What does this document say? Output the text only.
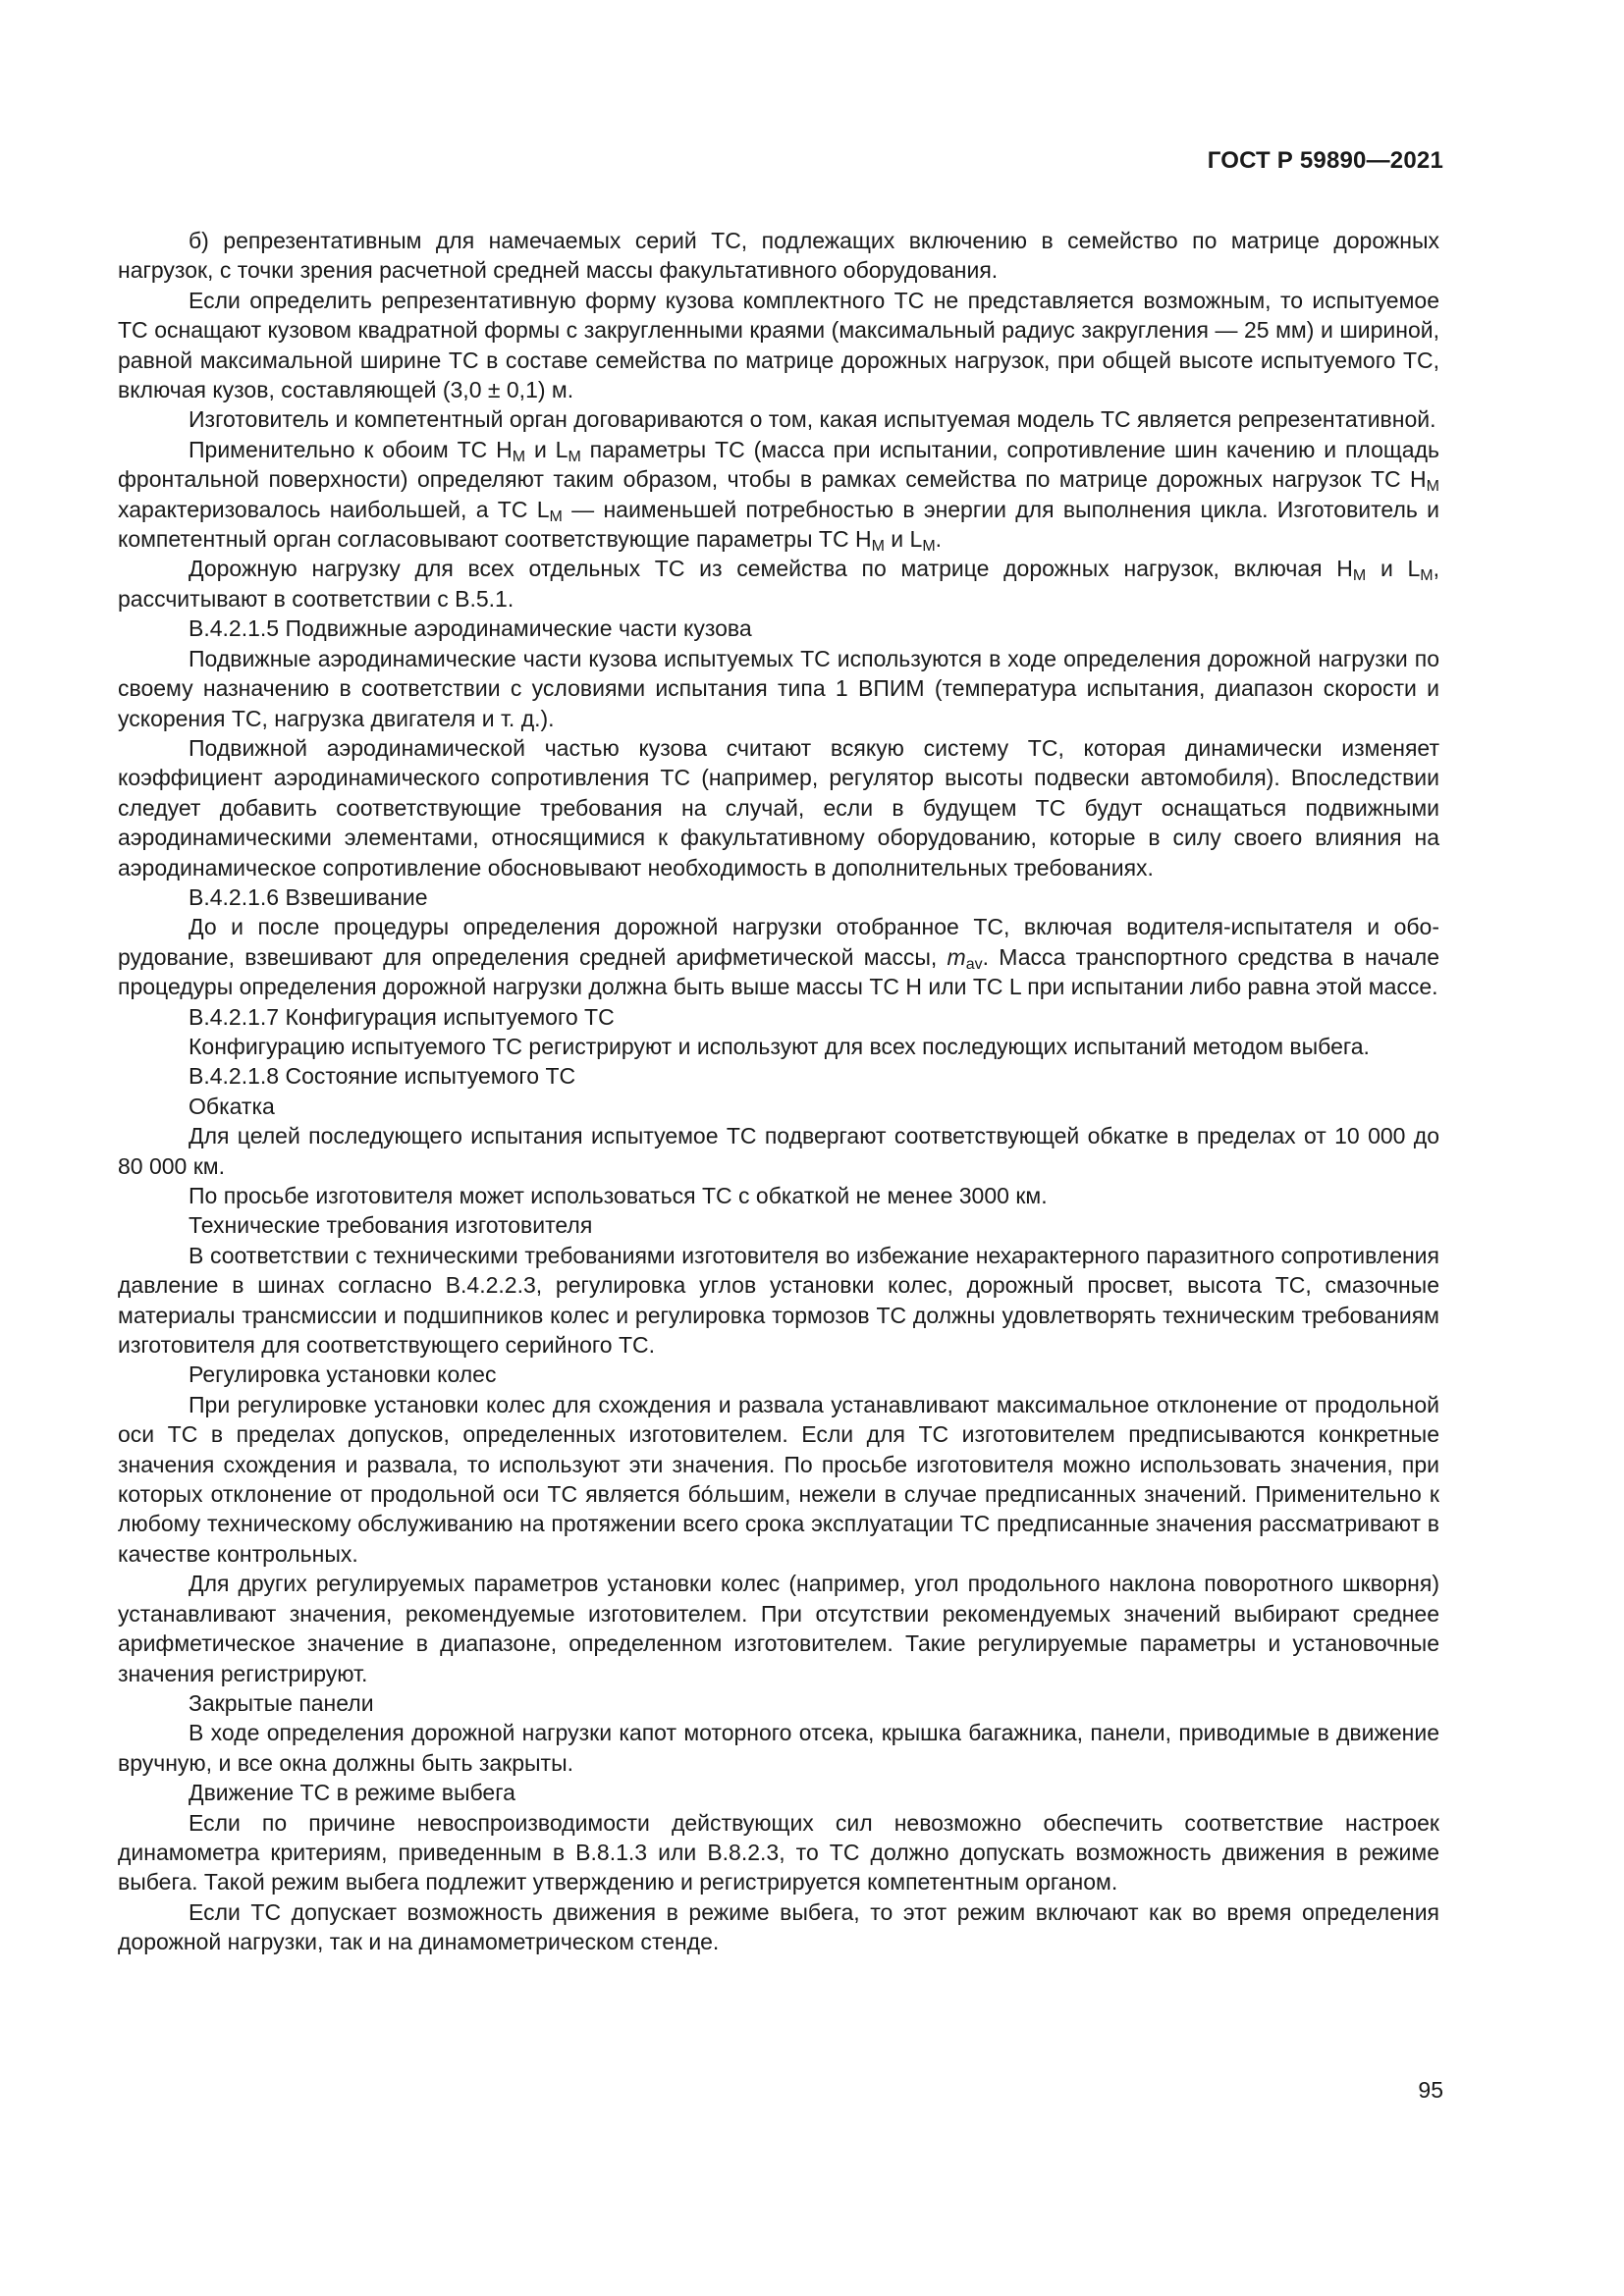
ГОСТ Р 59890—2021

б) репрезентативным для намечаемых серий ТС, подлежащих включению в семейство по матрице дорожных нагрузок, с точки зрения расчетной средней массы факультативного оборудования.

Если определить репрезентативную форму кузова комплектного ТС не представляется возможным, то испытуемое ТС оснащают кузовом квадратной формы с закругленными краями (максимальный радиус закругления — 25 мм) и шириной, равной максимальной ширине ТС в составе семейства по матрице дорожных нагрузок, при общей высоте испытуемого ТС, включая кузов, составляющей (3,0 ± 0,1) м.

Изготовитель и компетентный орган договариваются о том, какая испытуемая модель ТС является репрезентативной.

Применительно к обоим ТС $H_M$ и $L_M$ параметры ТС (масса при испытании, сопротивление шин качению и площадь фронтальной поверхности) определяют таким образом, чтобы в рамках семейства по матрице дорожных нагрузок ТС $H_M$ характеризовалось наибольшей, а ТС $L_M$ — наименьшей потребностью в энергии для выполнения цикла. Изготовитель и компетентный орган согласовывают соответствующие параметры ТС $H_M$ и $L_M$.

Дорожную нагрузку для всех отдельных ТС из семейства по матрице дорожных нагрузок, включая $H_M$ и $L_M$, рассчитывают в соответствии с В.5.1.

В.4.2.1.5 Подвижные аэродинамические части кузова

Подвижные аэродинамические части кузова испытуемых ТС используются в ходе определения дорожной нагрузки по своему назначению в соответствии с условиями испытания типа 1 ВПИМ (температура испытания, диапазон скорости и ускорения ТС, нагрузка двигателя и т. д.).

Подвижной аэродинамической частью кузова считают всякую систему ТС, которая динамически изменяет коэффициент аэродинамического сопротивления ТС (например, регулятор высоты подвески автомобиля). Впоследствии следует добавить соответствующие требования на случай, если в будущем ТС будут оснащаться подвижными аэродинамическими элементами, относящимися к факультативному оборудованию, которые в силу своего влияния на аэродинамическое сопротивление обосновывают необходимость в дополнительных требованиях.

В.4.2.1.6 Взвешивание

До и после процедуры определения дорожной нагрузки отобранное ТС, включая водителя-испытателя и оборудование, взвешивают для определения средней арифметической массы, $m_{av}$. Масса транспортного средства в начале процедуры определения дорожной нагрузки должна быть выше массы ТС H или ТС L при испытании либо равна этой массе.

В.4.2.1.7 Конфигурация испытуемого ТС

Конфигурацию испытуемого ТС регистрируют и используют для всех последующих испытаний методом выбега.

В.4.2.1.8 Состояние испытуемого ТС

Обкатка

Для целей последующего испытания испытуемое ТС подвергают соответствующей обкатке в пределах от 10 000 до 80 000 км.

По просьбе изготовителя может использоваться ТС с обкаткой не менее 3000 км.

Технические требования изготовителя

В соответствии с техническими требованиями изготовителя во избежание нехарактерного паразитного сопротивления давление в шинах согласно В.4.2.2.3, регулировка углов установки колес, дорожный просвет, высота ТС, смазочные материалы трансмиссии и подшипников колес и регулировка тормозов ТС должны удовлетворять техническим требованиям изготовителя для соответствующего серийного ТС.

Регулировка установки колес

При регулировке установки колес для схождения и развала устанавливают максимальное отклонение от продольной оси ТС в пределах допусков, определенных изготовителем. Если для ТС изготовителем предписываются конкретные значения схождения и развала, то используют эти значения. По просьбе изготовителя можно использовать значения, при которых отклонение от продольной оси ТС является бо́льшим, нежели в случае предписанных значений. Применительно к любому техническому обслуживанию на протяжении всего срока эксплуатации ТС предписанные значения рассматривают в качестве контрольных.

Для других регулируемых параметров установки колес (например, угол продольного наклона поворотного шкворня) устанавливают значения, рекомендуемые изготовителем. При отсутствии рекомендуемых значений выбирают среднее арифметическое значение в диапазоне, определенном изготовителем. Такие регулируемые параметры и установочные значения регистрируют.

Закрытые панели

В ходе определения дорожной нагрузки капот моторного отсека, крышка багажника, панели, приводимые в движение вручную, и все окна должны быть закрыты.

Движение ТС в режиме выбега

Если по причине невоспроизводимости действующих сил невозможно обеспечить соответствие настроек динамометра критериям, приведенным в В.8.1.3 или В.8.2.3, то ТС должно допускать возможность движения в режиме выбега. Такой режим выбега подлежит утверждению и регистрируется компетентным органом.

Если ТС допускает возможность движения в режиме выбега, то этот режим включают как во время определения дорожной нагрузки, так и на динамометрическом стенде.

95
